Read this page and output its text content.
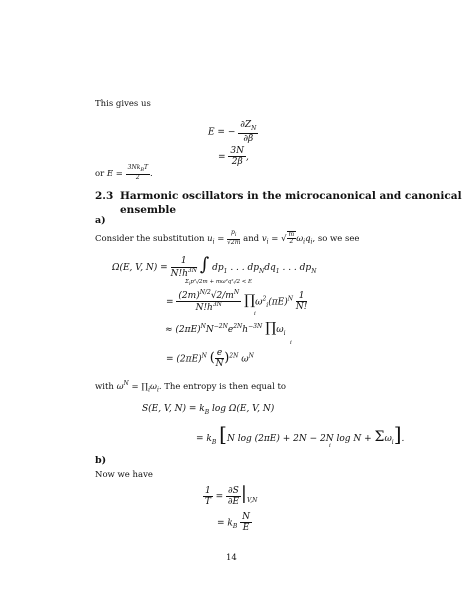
This gives us
E = − $\frac{\partial Z_N}{\partial\beta}$
= $\frac{3N}{2\beta}$ ,
or $E = \frac{3Nk_BT}{2}$ .
2.3 Harmonic oscillators in the microcanonical and canonical
ensemble
a)
Consider the substitution $u_i = \frac{p_i}{√2m}$ and $v_i$ = √ $\frac{m}{2} \omega_iq_i$, so we see
Ω(E, V, $N) = \frac{1}{N!h^{3N}}$ ∫ $dp_1$ . . . $dp_Ndq_1$ . . . $dp_N$
$\Sigma_ip^2ᵢ/2m$ + mω²q²ᵢ/2 < E
= $\frac{(2m)^{N/2}√2/m^N}{N!h^{3N}}$ $\prod\omega^2_i(\pi E)^N \frac{1}{N!}$
i
≈ $(2\pi E)^NN^{-2N}e^{2N}h^{-3N}$ $\prod\omega_i$
i
= $(2\pi E)^N$ ( $\frac{e}{N} )^{2N}$ $\omega^N$
with $\omega^N$ = $\prod_i\omega_i$. The entropy is then equal to
S(E, V, $N) = k_B$ log Ω(E, V, N)
= $k_B$ [N log (2πE) + 2N − 2N $\log N + \Sigma\omega_i$].
i
b)
Now we have
$\frac{1}{T} = \frac{\partial S}{\partial E} |_{V,N}$
= $k_B \frac{N}{E}$
14
